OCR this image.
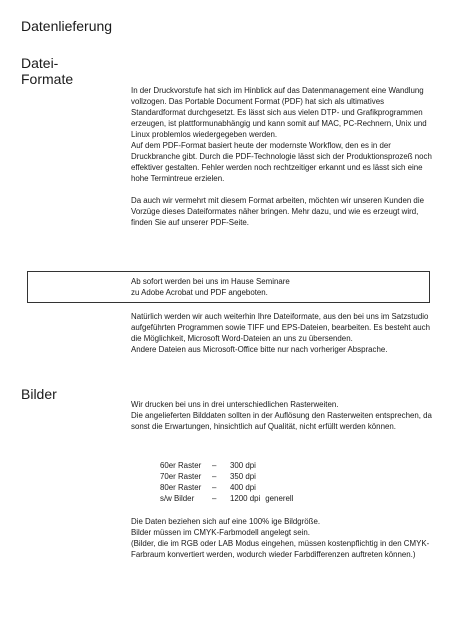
Datenlieferung
Datei-
Formate

In der Druckvorstufe hat sich im Hinblick auf das Datenmanagement eine Wandlung vollzogen. Das Portable Document Format (PDF) hat sich als ultimatives Standardformat durchgesetzt. Es lässt sich aus vielen DTP- und Grafikprogrammen erzeugen, ist plattformunabhängig und kann somit auf MAC, PC-Rechnern, Unix und Linux problemlos wiedergegeben werden.

Auf dem PDF-Format basiert heute der modernste Workflow, den es in der Druckbranche gibt. Durch die PDF-Technologie lässt sich der Produktionsprozeß noch effektiver gestalten. Fehler werden noch rechtzeitiger erkannt und es lässt sich eine hohe Termintreue erzielen.

Da auch wir vermehrt mit diesem Format arbeiten, möchten wir unseren Kunden die Vorzüge dieses Dateiformates näher bringen. Mehr dazu, und wie es erzeugt wird, finden Sie auf unserer PDF-Seite.

Ab sofort werden bei uns im Hause Seminare

zu Adobe Acrobat und PDF angeboten.

Natürlich werden wir auch weiterhin Ihre Dateiformate, aus den bei uns im Satzstudio aufgeführten Programmen sowie TIFF und EPS-Dateien, bearbeiten. Es besteht auch die Möglichkeit, Microsoft Word-Dateien an uns zu übersenden.

Andere Dateien aus Microsoft-Office bitte nur nach vorheriger Absprache.

Bilder

Wir drucken bei uns in drei unterschiedlichen Rasterweiten.

Die angelieferten Bilddaten sollten in der Auflösung den Rasterweiten entsprechen, da sonst die Erwartungen, hinsichtlich auf Qualität, nicht erfüllt werden können.

60er Raster	–	300 dpi	
70er Raster	–	350 dpi	
80er Raster	–	400 dpi	
s/w Bilder	–	1200 dpi	generell

Die Daten beziehen sich auf eine 100% ige Bildgröße.

Bilder müssen im CMYK-Farbmodell angelegt sein.

(Bilder, die im RGB oder LAB Modus eingehen, müssen kostenpflichtig in den CMYK-Farbraum konvertiert werden, wodurch wieder Farbdifferenzen auftreten können.)
